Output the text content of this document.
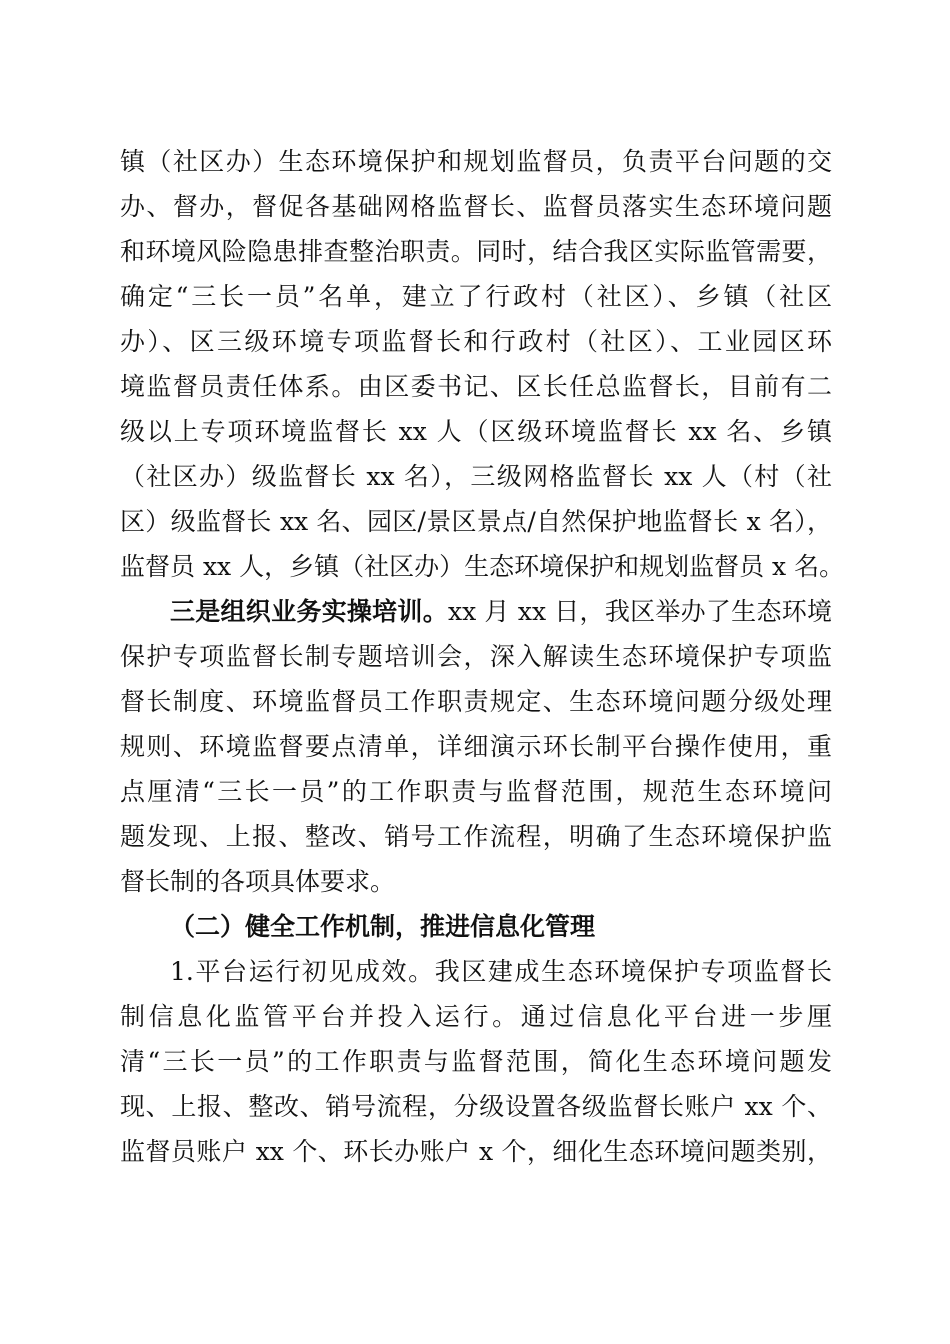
镇（社区办）生态环境保护和规划监督员，负责平台问题的交
办、督办，督促各基础网格监督长、监督员落实生态环境问题
和环境风险隐患排查整治职责。同时，结合我区实际监管需要，
确定“三长一员”名单，建立了行政村（社区）、乡镇（社区
办）、区三级环境专项监督长和行政村（社区）、工业园区环
境监督员责任体系。由区委书记、区长任总监督长，目前有二
级以上专项环境监督长 xx 人（区级环境监督长 xx 名、乡镇
（社区办）级监督长 xx 名），三级网格监督长 xx 人（村（社
区）级监督长 xx 名、园区/景区景点/自然保护地监督长 x 名），
监督员 xx 人，乡镇（社区办）生态环境保护和规划监督员 x 名。
三是组织业务实操培训。xx 月 xx 日，我区举办了生态环境
保护专项监督长制专题培训会，深入解读生态环境保护专项监
督长制度、环境监督员工作职责规定、生态环境问题分级处理
规则、环境监督要点清单，详细演示环长制平台操作使用，重
点厘清“三长一员”的工作职责与监督范围，规范生态环境问
题发现、上报、整改、销号工作流程，明确了生态环境保护监
督长制的各项具体要求。
（二）健全工作机制，推进信息化管理
1.平台运行初见成效。我区建成生态环境保护专项监督长
制信息化监管平台并投入运行。通过信息化平台进一步厘
清“三长一员”的工作职责与监督范围，简化生态环境问题发
现、上报、整改、销号流程，分级设置各级监督长账户 xx 个、
监督员账户 xx 个、环长办账户 x 个，细化生态环境问题类别，
